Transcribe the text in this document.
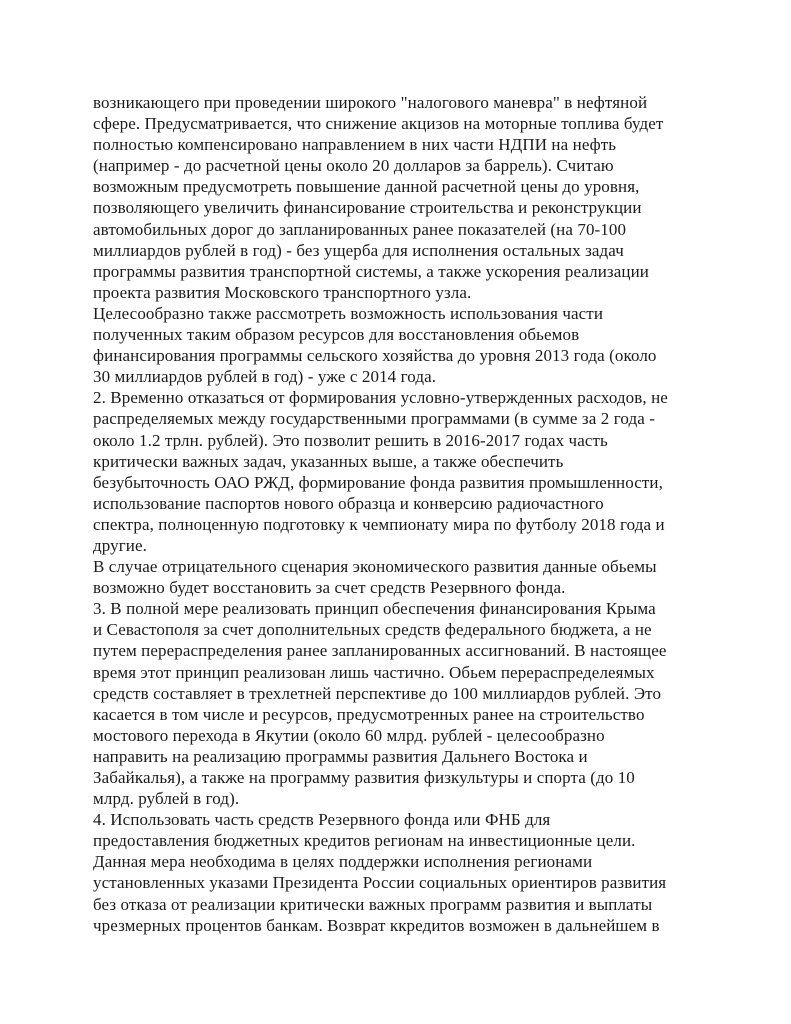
возникающего при проведении широкого "налогового маневра" в нефтяной
сфере. Предусматривается, что снижение акцизов на моторные топлива будет
полностью компенсировано направлением в них части НДПИ на нефть
(например - до расчетной цены около 20 долларов за баррель). Считаю
возможным предусмотреть повышение данной расчетной цены до уровня,
позволяющего увеличить финансирование строительства и реконструкции
автомобильных дорог до запланированных ранее показателей (на 70-100
миллиардов рублей в год) - без ущерба для исполнения остальных задач
программы развития транспортной системы, а также ускорения реализации
проекта развития Московского транспортного узла.
Целесообразно также рассмотреть возможность использования части
полученных таким образом ресурсов для восстановления обьемов
финансирования программы сельского хозяйства до уровня 2013 года (около
30 миллиардов рублей в год) - уже с 2014 года.
2. Временно отказаться от формирования условно-утвержденных расходов, не
распределяемых между государственными программами (в сумме за 2 года -
около 1.2 трлн. рублей). Это позволит решить в 2016-2017 годах часть
критически важных задач, указанных выше, а также обеспечить
безубыточность ОАО РЖД, формирование фонда развития промышленности,
использование паспортов нового образца и конверсию радиочастного
спектра, полноценную подготовку к чемпионату мира по футболу 2018 года и
другие.
В случае отрицательного сценария экономического развития данные обьемы
возможно будет восстановить за счет средств Резервного фонда.
3. В полной мере реализовать принцип обеспечения финансирования Крыма
и Севастополя за счет дополнительных средств федерального бюджета, а не
путем перераспределения ранее запланированных ассигнований. В настоящее
время этот принцип реализован лишь частично. Обьем перераспределеямых
средств составляет в трехлетней перспективе до 100 миллиардов рублей. Это
касается в том числе и ресурсов, предусмотренных ранее на строительство
мостового перехода в Якутии (около 60 млрд. рублей - целесообразно
направить на реализацию программы развития Дальнего Востока и
Забайкалья), а также на программу развития физкультуры и спорта (до 10
млрд. рублей в год).
4. Использовать часть средств Резервного фонда или ФНБ для
предоставления бюджетных кредитов регионам на инвестиционные цели.
Данная мера необходима в целях поддержки исполнения регионами
установленных указами Президента России социальных ориентиров развития
без отказа от реализации критически важных программ развития и выплаты
чрезмерных процентов банкам. Возврат ккредитов возможен в дальнейшем в
